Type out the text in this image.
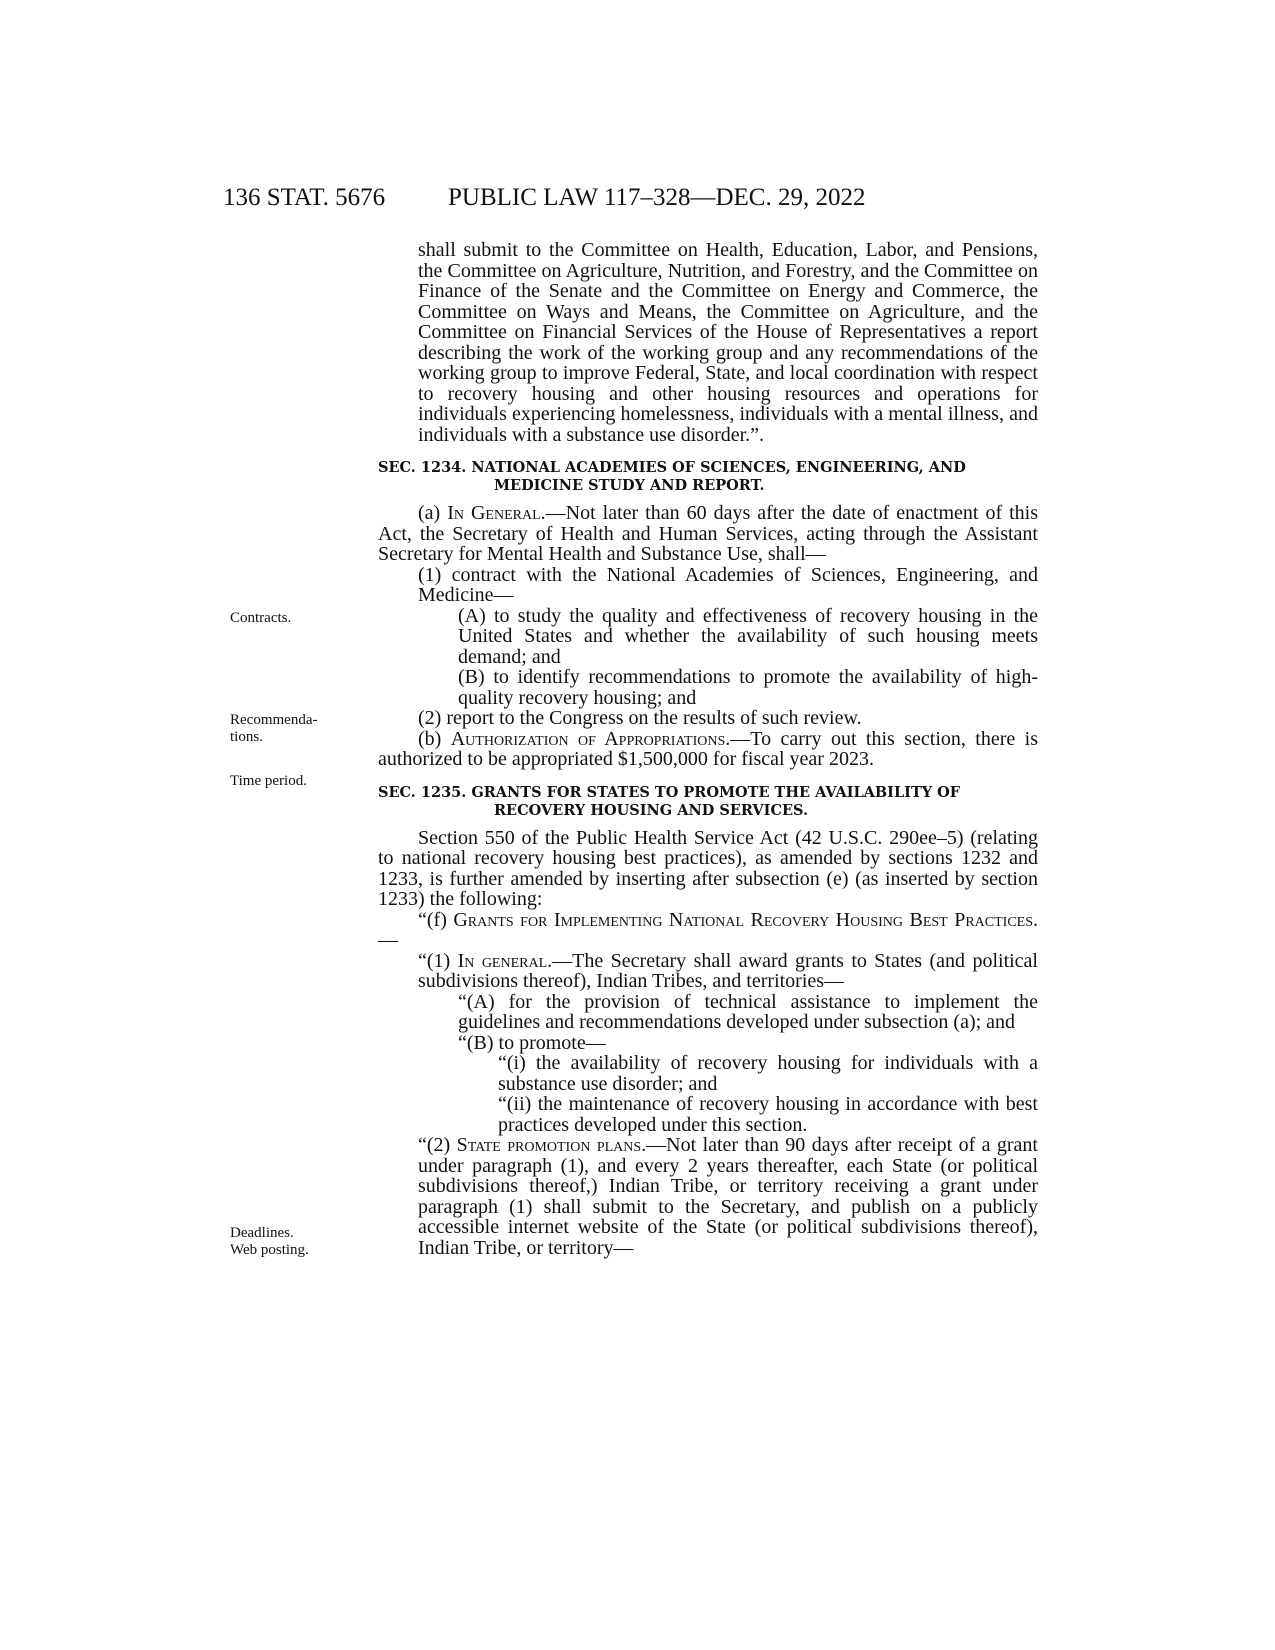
136 STAT. 5676	PUBLIC LAW 117–328—DEC. 29, 2022
Contracts.
Recommenda-
tions.
Time period.
Deadlines.
Web posting.

shall submit to the Committee on Health, Education, Labor, and Pensions, the Committee on Agriculture, Nutrition, and Forestry, and the Committee on Finance of the Senate and the Committee on Energy and Commerce, the Committee on Ways and Means, the Committee on Agriculture, and the Committee on Financial Services of the House of Representatives a report describing the work of the working group and any recommendations of the working group to improve Federal, State, and local coordination with respect to recovery housing and other housing resources and operations for individuals experiencing homelessness, individuals with a mental illness, and individuals with a substance use disorder.”.

SEC. 1234. NATIONAL ACADEMIES OF SCIENCES, ENGINEERING, AND
MEDICINE STUDY AND REPORT.

(a) In General.—Not later than 60 days after the date of enactment of this Act, the Secretary of Health and Human Services, acting through the Assistant Secretary for Mental Health and Substance Use, shall—

(1) contract with the National Academies of Sciences, Engineering, and Medicine—

(A) to study the quality and effectiveness of recovery housing in the United States and whether the availability of such housing meets demand; and

(B) to identify recommendations to promote the availability of high-quality recovery housing; and

(2) report to the Congress on the results of such review.

(b) Authorization of Appropriations.—To carry out this section, there is authorized to be appropriated $1,500,000 for fiscal year 2023.

SEC. 1235. GRANTS FOR STATES TO PROMOTE THE AVAILABILITY OF
RECOVERY HOUSING AND SERVICES.

Section 550 of the Public Health Service Act (42 U.S.C. 290ee–5) (relating to national recovery housing best practices), as amended by sections 1232 and 1233, is further amended by inserting after subsection (e) (as inserted by section 1233) the following:

“(f) Grants for Implementing National Recovery Housing Best Practices.—

“(1) In general.—The Secretary shall award grants to States (and political subdivisions thereof), Indian Tribes, and territories—

“(A) for the provision of technical assistance to implement the guidelines and recommendations developed under subsection (a); and

“(B) to promote—

“(i) the availability of recovery housing for individuals with a substance use disorder; and

“(ii) the maintenance of recovery housing in accordance with best practices developed under this section.

“(2) State promotion plans.—Not later than 90 days after receipt of a grant under paragraph (1), and every 2 years thereafter, each State (or political subdivisions thereof,) Indian Tribe, or territory receiving a grant under paragraph (1) shall submit to the Secretary, and publish on a publicly accessible internet website of the State (or political subdivisions thereof), Indian Tribe, or territory—
